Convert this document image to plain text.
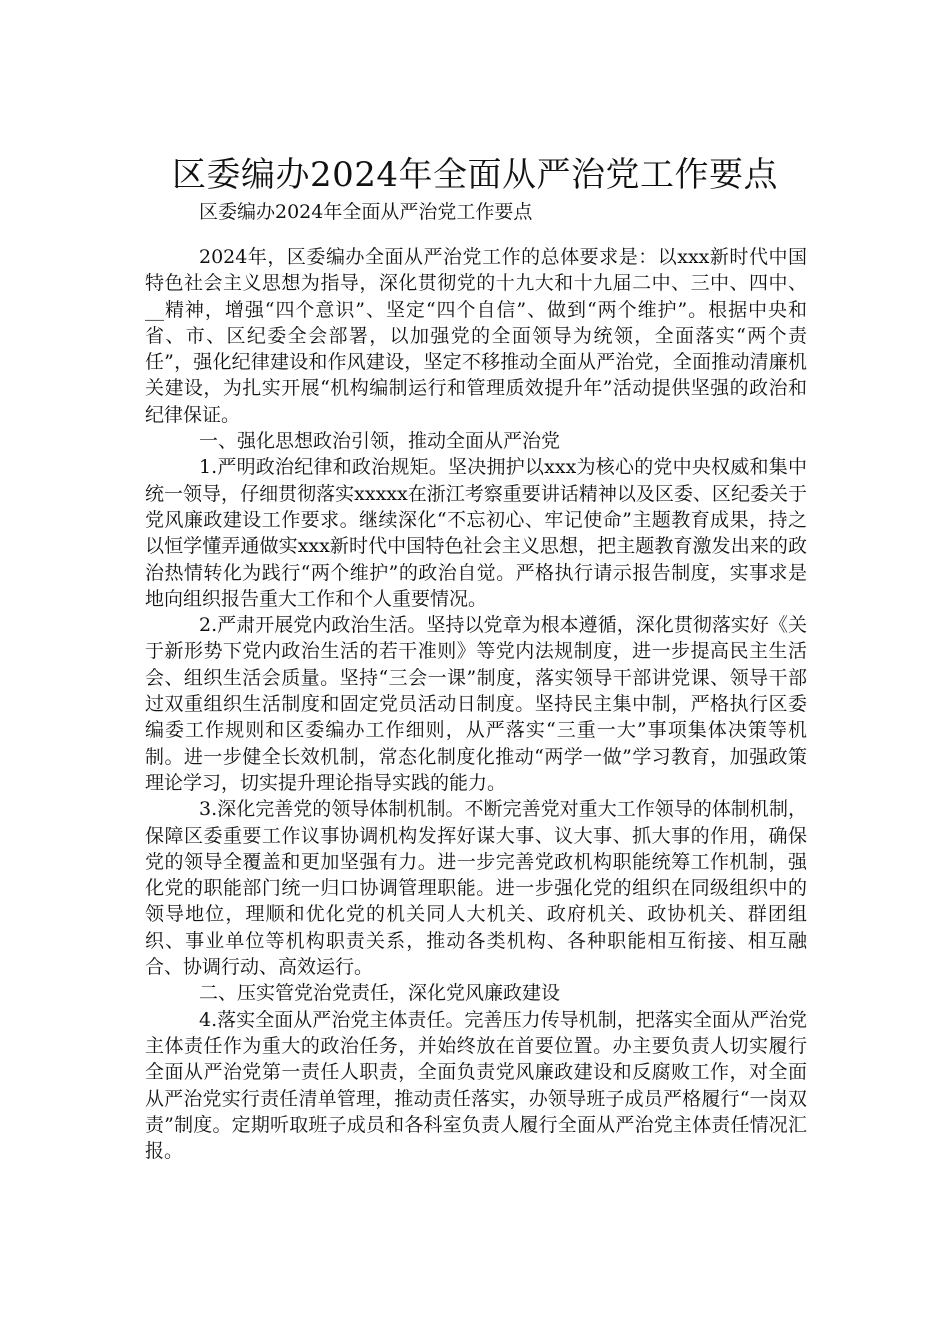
区委编办2024年全面从严治党工作要点

区委编办2024年全面从严治党工作要点

2024年，区委编办全面从严治党工作的总体要求是：以xxx新时代中国特色社会主义思想为指导，深化贯彻党的十九大和十九届二中、三中、四中、__精神，增强“四个意识”、坚定“四个自信”、做到“两个维护”。根据中央和省、市、区纪委全会部署，以加强党的全面领导为统领，全面落实“两个责任”，强化纪律建设和作风建设，坚定不移推动全面从严治党，全面推动清廉机关建设，为扎实开展“机构编制运行和管理质效提升年”活动提供坚强的政治和纪律保证。

一、强化思想政治引领，推动全面从严治党

1.严明政治纪律和政治规矩。坚决拥护以xxx为核心的党中央权威和集中统一领导，仔细贯彻落实xxxxx在浙江考察重要讲话精神以及区委、区纪委关于党风廉政建设工作要求。继续深化“不忘初心、牢记使命”主题教育成果，持之以恒学懂弄通做实xxx新时代中国特色社会主义思想，把主题教育激发出来的政治热情转化为践行“两个维护”的政治自觉。严格执行请示报告制度，实事求是地向组织报告重大工作和个人重要情况。

2.严肃开展党内政治生活。坚持以党章为根本遵循，深化贯彻落实好《关于新形势下党内政治生活的若干准则》等党内法规制度，进一步提高民主生活会、组织生活会质量。坚持“三会一课”制度，落实领导干部讲党课、领导干部过双重组织生活制度和固定党员活动日制度。坚持民主集中制，严格执行区委编委工作规则和区委编办工作细则，从严落实“三重一大”事项集体决策等机制。进一步健全长效机制，常态化制度化推动“两学一做”学习教育，加强政策理论学习，切实提升理论指导实践的能力。

3.深化完善党的领导体制机制。不断完善党对重大工作领导的体制机制，保障区委重要工作议事协调机构发挥好谋大事、议大事、抓大事的作用，确保党的领导全覆盖和更加坚强有力。进一步完善党政机构职能统筹工作机制，强化党的职能部门统一归口协调管理职能。进一步强化党的组织在同级组织中的领导地位，理顺和优化党的机关同人大机关、政府机关、政协机关、群团组织、事业单位等机构职责关系，推动各类机构、各种职能相互衔接、相互融合、协调行动、高效运行。

二、压实管党治党责任，深化党风廉政建设

4.落实全面从严治党主体责任。完善压力传导机制，把落实全面从严治党主体责任作为重大的政治任务，并始终放在首要位置。办主要负责人切实履行全面从严治党第一责任人职责，全面负责党风廉政建设和反腐败工作，对全面从严治党实行责任清单管理，推动责任落实，办领导班子成员严格履行“一岗双责”制度。定期听取班子成员和各科室负责人履行全面从严治党主体责任情况汇报。
